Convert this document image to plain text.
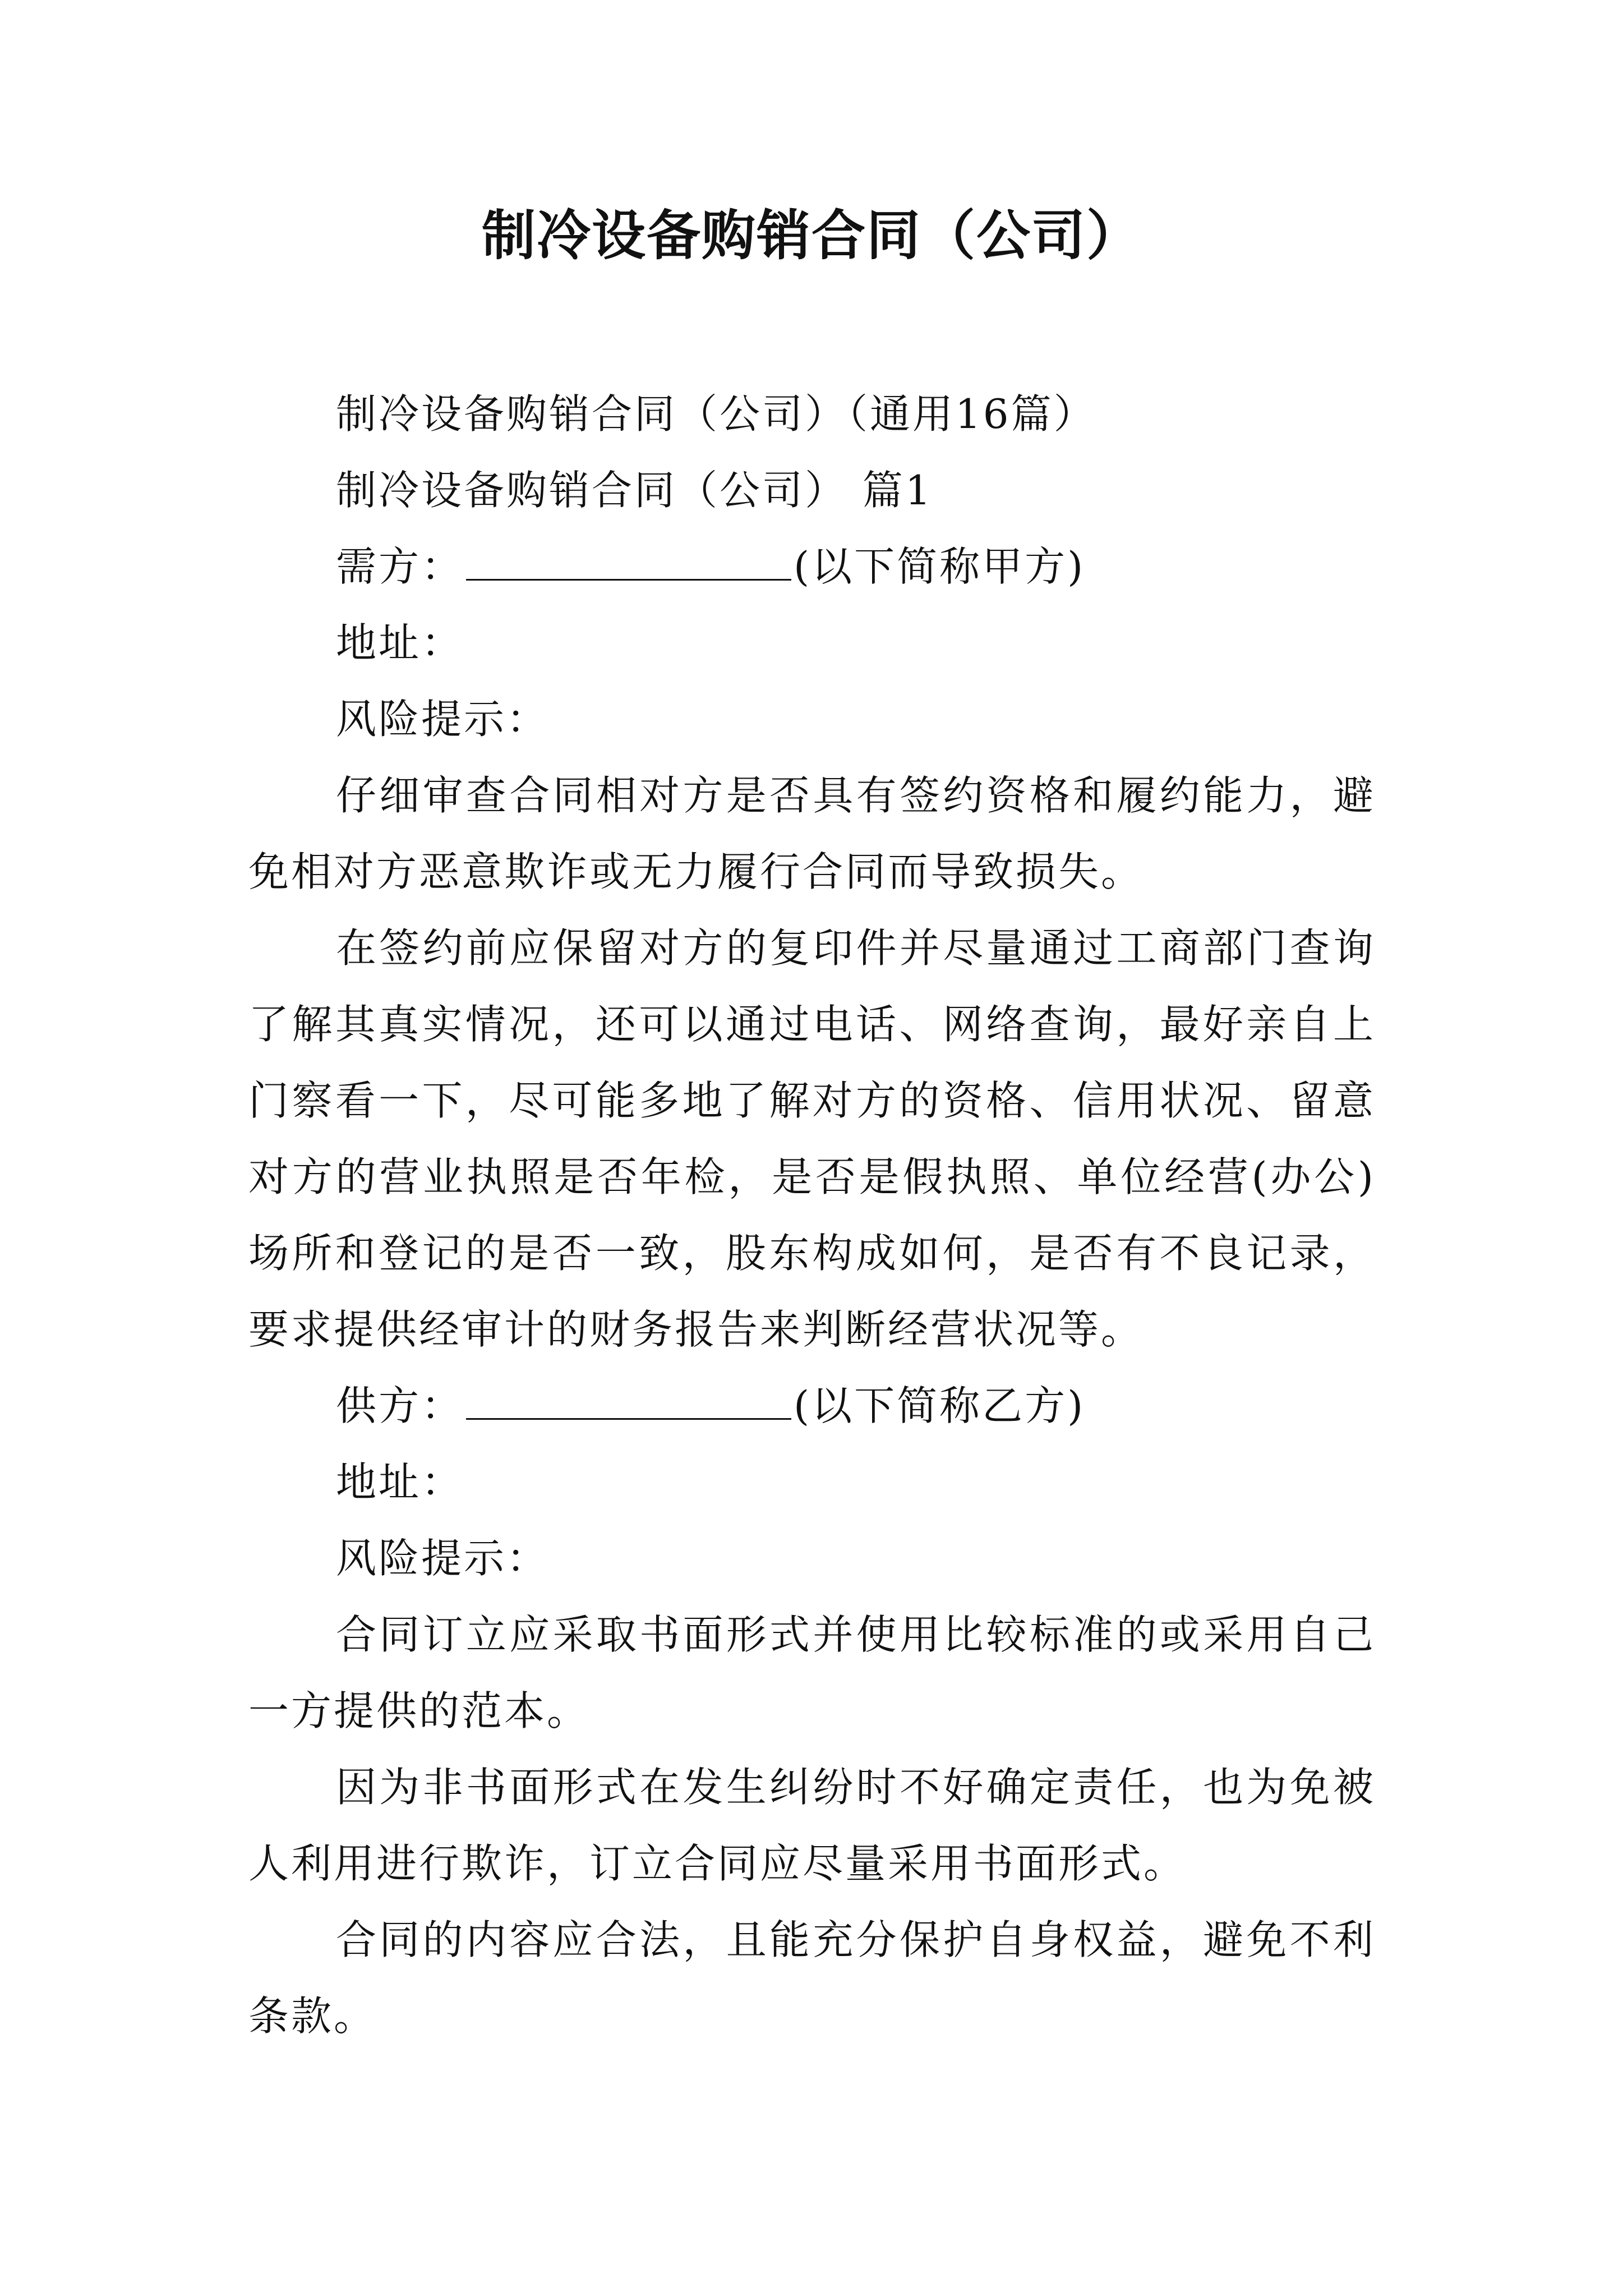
制冷设备购销合同（公司）
制冷设备购销合同（公司）（通用16篇）
制冷设备购销合同（公司） 篇1
需方：	(以下简称甲方)
地址：
风险提示：
仔细审查合同相对方是否具有签约资格和履约能力，避免相对方恶意欺诈或无力履行合同而导致损失。
在签约前应保留对方的复印件并尽量通过工商部门查询了解其真实情况，还可以通过电话、网络查询，最好亲自上门察看一下，尽可能多地了解对方的资格、信用状况、留意对方的营业执照是否年检，是否是假执照、单位经营(办公)场所和登记的是否一致，股东构成如何，是否有不良记录，要求提供经审计的财务报告来判断经营状况等。
供方：	(以下简称乙方)
地址：
风险提示：
合同订立应采取书面形式并使用比较标准的或采用自己一方提供的范本。
因为非书面形式在发生纠纷时不好确定责任，也为免被人利用进行欺诈，订立合同应尽量采用书面形式。
合同的内容应合法，且能充分保护自身权益，避免不利条款。
